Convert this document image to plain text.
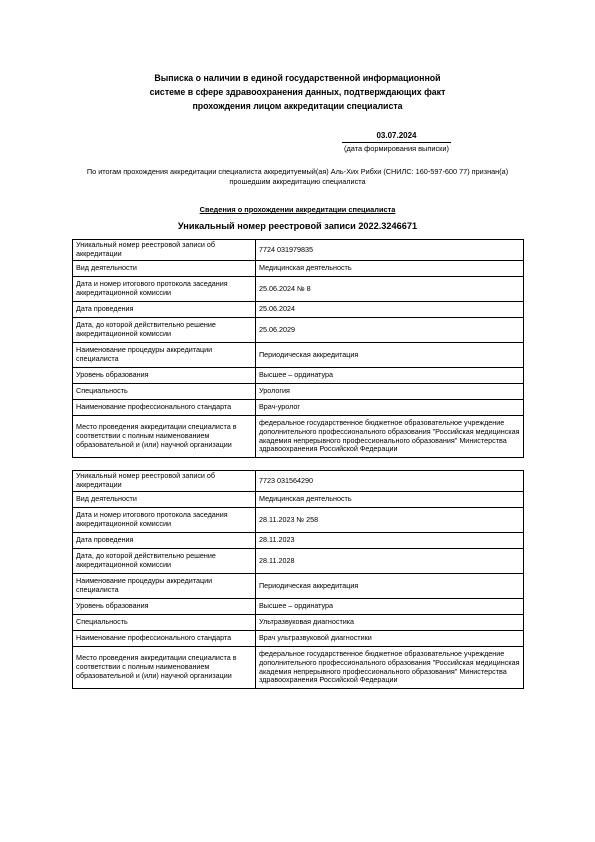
Выписка о наличии в единой государственной информационной
системе в сфере здравоохранения данных, подтверждающих факт
прохождения лицом аккредитации специалиста
03.07.2024
(дата формирования выписки)
По итогам прохождения аккредитации специалиста аккредитуемый(ая) Аль-Хих Рибхи (СНИЛС: 160-597-600 77) признан(а)
прошедшим аккредитацию специалиста
Сведения о прохождении аккредитации специалиста
Уникальный номер реестровой записи 2022.3246671
Уникальный номер реестровой записи об аккредитации	7724 031979835
Вид деятельности	Медицинская деятельность
Дата и номер итогового протокола заседания аккредитационной комиссии	25.06.2024 № 8
Дата проведения	25.06.2024
Дата, до которой действительно решение аккредитационной комиссии	25.06.2029
Наименование процедуры аккредитации специалиста	Периодическая аккредитация
Уровень образования	Высшее – ординатура
Специальность	Урология
Наименование профессионального стандарта	Врач-уролог
Место проведения аккредитации специалиста в соответствии с полным наименованием образовательной и (или) научной организации	федеральное государственное бюджетное образовательное учреждение дополнительного профессионального образования "Российская медицинская академия непрерывного профессионального образования" Министерства здравоохранения Российской Федерации
Уникальный номер реестровой записи об аккредитации	7723 031564290
Вид деятельности	Медицинская деятельность
Дата и номер итогового протокола заседания аккредитационной комиссии	28.11.2023 № 258
Дата проведения	28.11.2023
Дата, до которой действительно решение аккредитационной комиссии	28.11.2028
Наименование процедуры аккредитации специалиста	Периодическая аккредитация
Уровень образования	Высшее – ординатура
Специальность	Ультразвуковая диагностика
Наименование профессионального стандарта	Врач ультразвуковой диагностики
Место проведения аккредитации специалиста в соответствии с полным наименованием образовательной и (или) научной организации	федеральное государственное бюджетное образовательное учреждение дополнительного профессионального образования "Российская медицинская академия непрерывного профессионального образования" Министерства здравоохранения Российской Федерации
